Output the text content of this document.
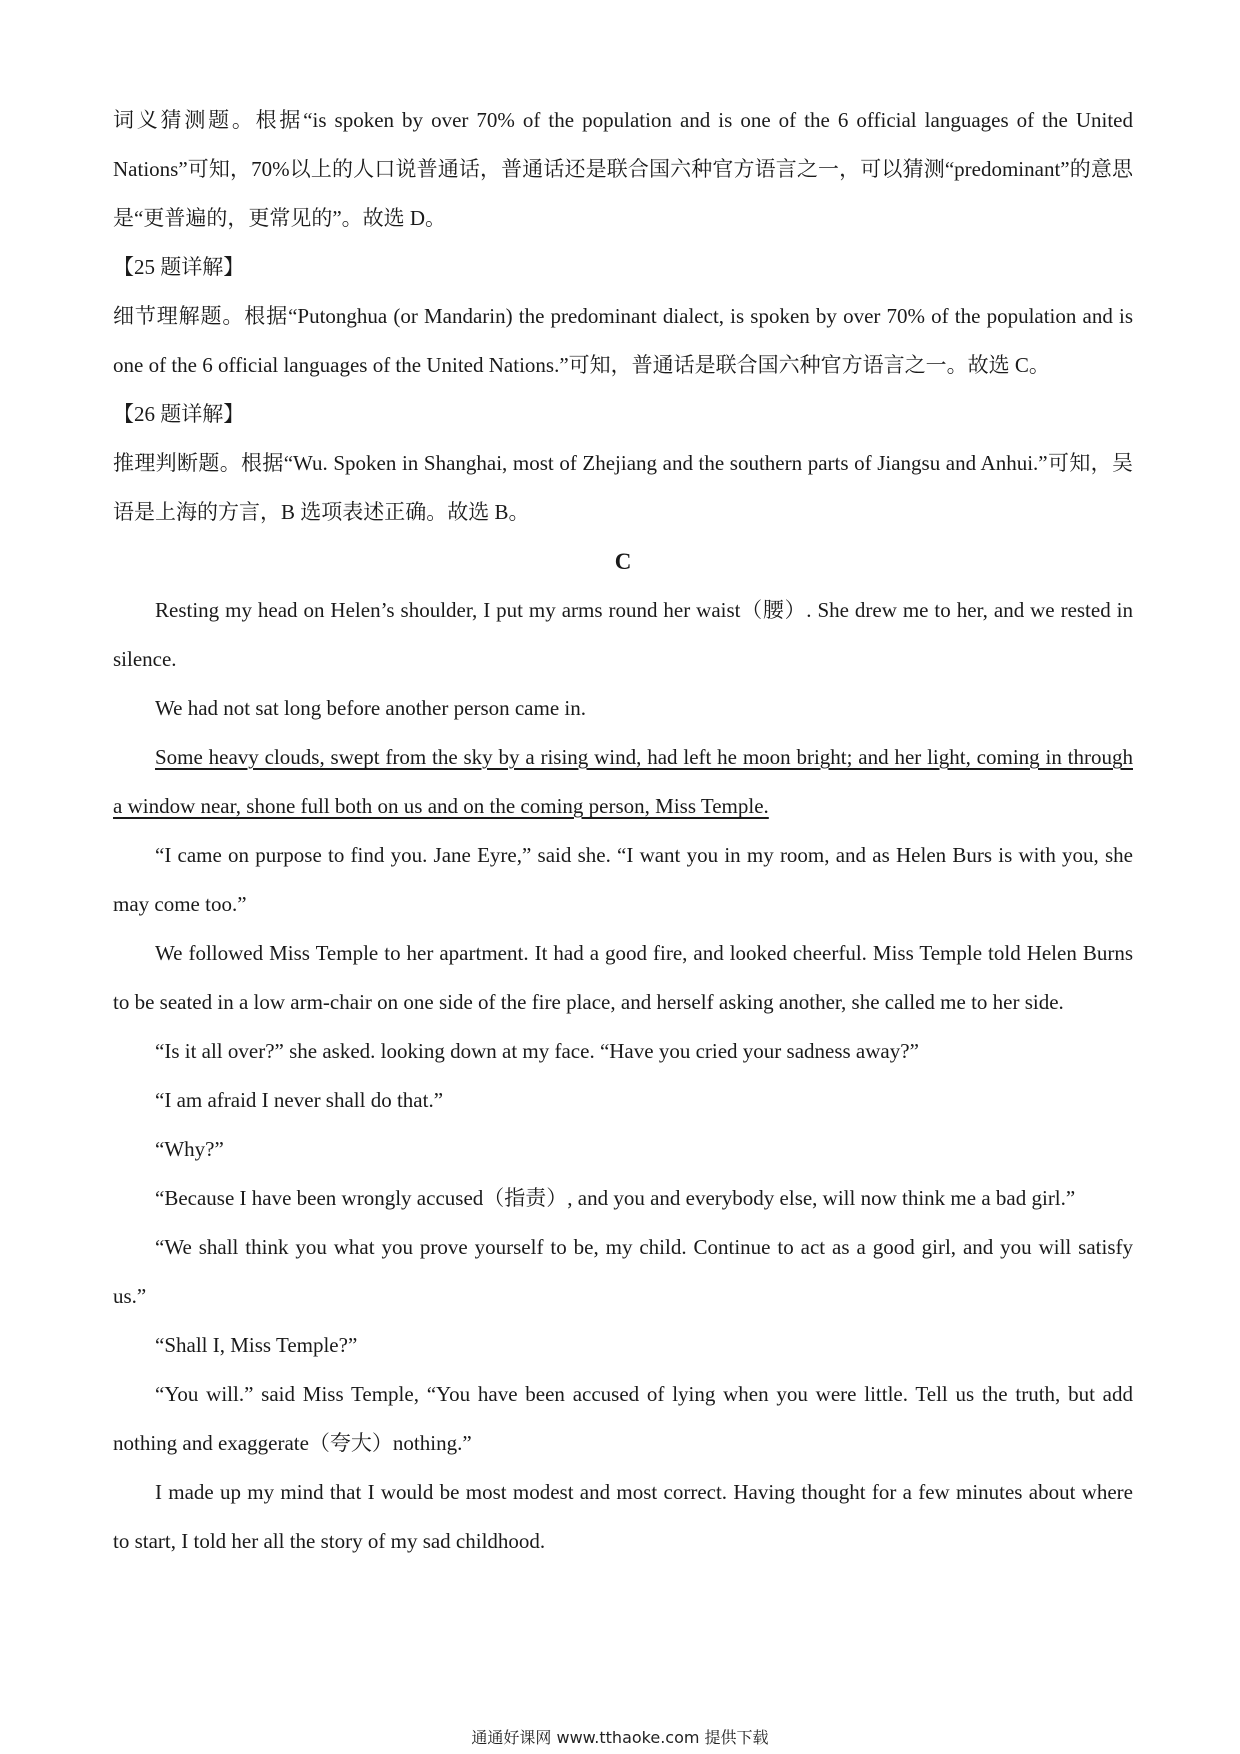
词义猜测题。根据“is spoken by over 70% of the population and is one of the 6 official languages of the United Nations”可知，70%以上的人口说普通话，普通话还是联合国六种官方语言之一，可以猜测“predominant”的意思是“更普遍的，更常见的”。故选 D。

【25 题详解】

细节理解题。根据“Putonghua (or Mandarin) the predominant dialect, is spoken by over 70% of the population and is one of the 6 official languages of the United Nations.”可知，普通话是联合国六种官方语言之一。故选 C。

【26 题详解】

推理判断题。根据“Wu. Spoken in Shanghai, most of Zhejiang and the southern parts of Jiangsu and Anhui.”可知，吴语是上海的方言，B 选项表述正确。故选 B。

C

Resting my head on Helen’s shoulder, I put my arms round her waist（腰）. She drew me to her, and we rested in silence.

We had not sat long before another person came in.

Some heavy clouds, swept from the sky by a rising wind, had left he moon bright; and her light, coming in through a window near, shone full both on us and on the coming person, Miss Temple.

“I came on purpose to find you. Jane Eyre,” said she. “I want you in my room, and as Helen Burs is with you, she may come too.”

We followed Miss Temple to her apartment. It had a good fire, and looked cheerful. Miss Temple told Helen Burns to be seated in a low arm-chair on one side of the fire place, and herself asking another, she called me to her side.

“Is it all over?” she asked. looking down at my face. “Have you cried your sadness away?”

“I am afraid I never shall do that.”

“Why?”

“Because I have been wrongly accused（指责）, and you and everybody else, will now think me a bad girl.”

“We shall think you what you prove yourself to be, my child. Continue to act as a good girl, and you will satisfy us.”

“Shall I, Miss Temple?”

“You will.” said Miss Temple, “You have been accused of lying when you were little. Tell us the truth, but add nothing and exaggerate（夸大）nothing.”

I made up my mind that I would be most modest and most correct. Having thought for a few minutes about where to start, I told her all the story of my sad childhood.

通通好课网 www.tthaoke.com 提供下载
